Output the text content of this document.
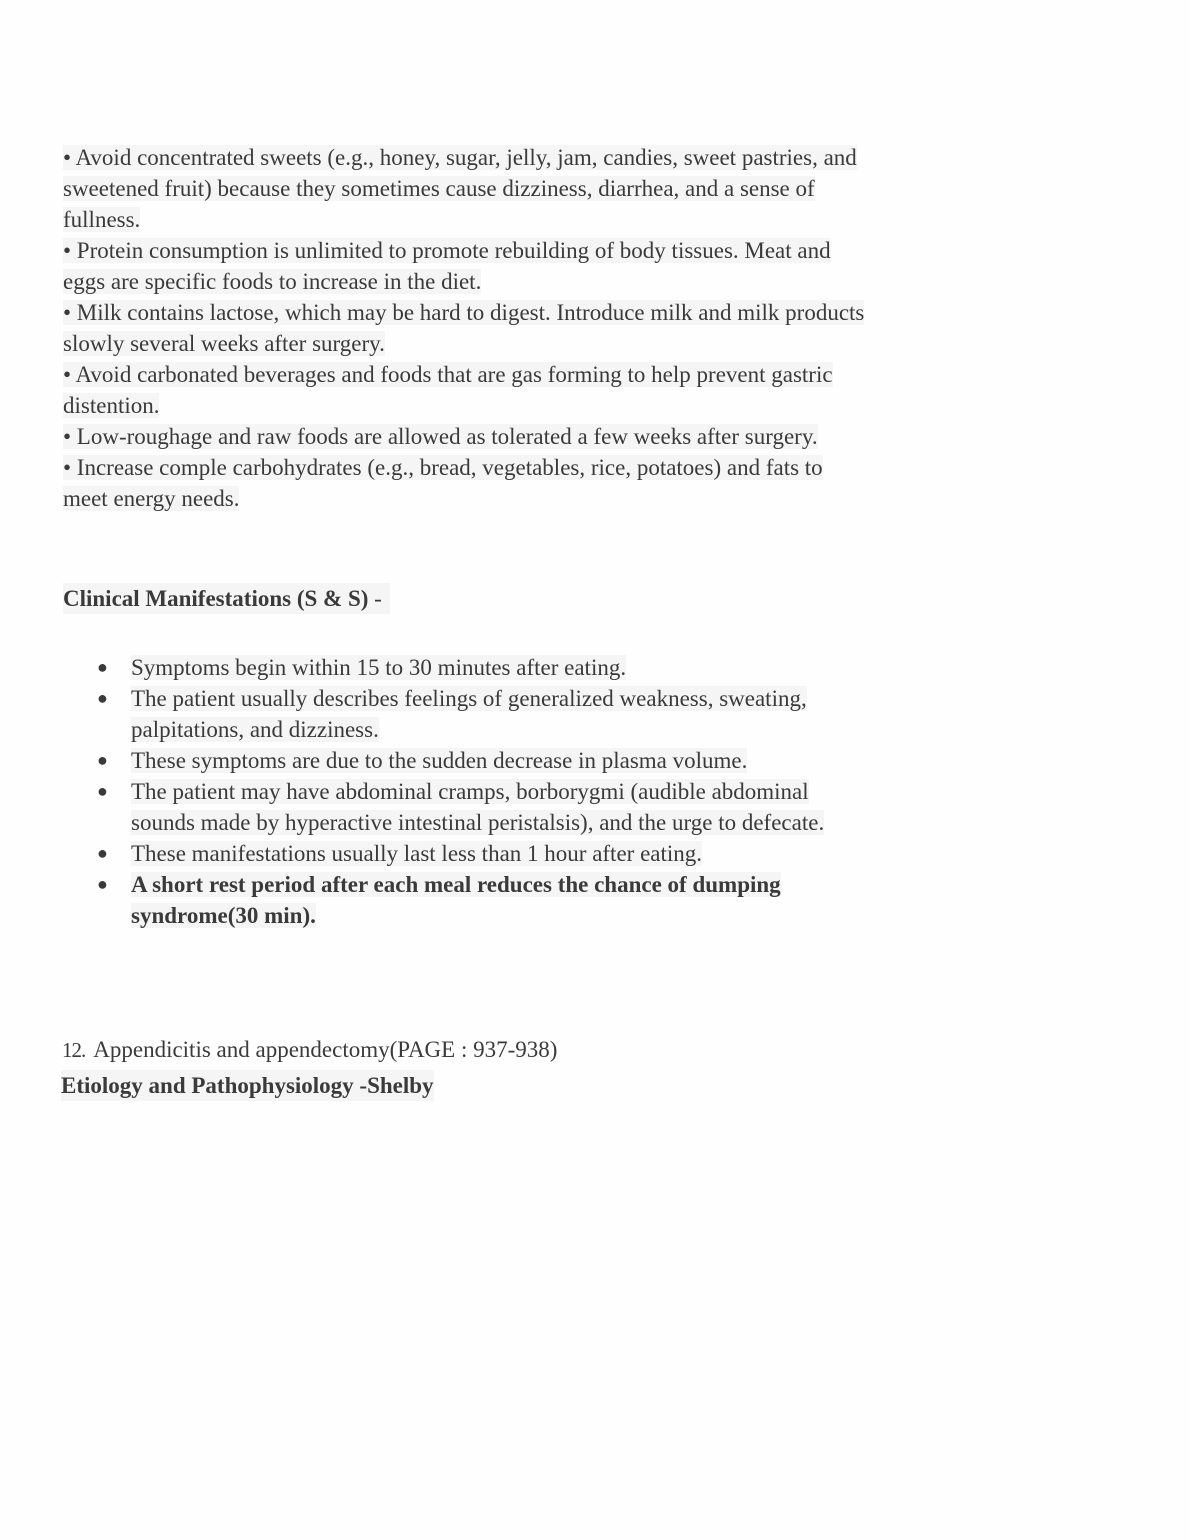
• Avoid concentrated sweets (e.g., honey, sugar, jelly, jam, candies, sweet pastries, and sweetened fruit) because they sometimes cause dizziness, diarrhea, and a sense of fullness.

• Protein consumption is unlimited to promote rebuilding of body tissues. Meat and eggs are specific foods to increase in the diet.

• Milk contains lactose, which may be hard to digest. Introduce milk and milk products slowly several weeks after surgery.

• Avoid carbonated beverages and foods that are gas forming to help prevent gastric distention.

• Low-roughage and raw foods are allowed as tolerated a few weeks after surgery.

• Increase comple carbohydrates (e.g., bread, vegetables, rice, potatoes) and fats to meet energy needs.

Clinical Manifestations (S & S) -
● Symptoms begin within 15 to 30 minutes after eating.
● The patient usually describes feelings of generalized weakness, sweating, palpitations, and dizziness.
● These symptoms are due to the sudden decrease in plasma volume.
● The patient may have abdominal cramps, borborygmi (audible abdominal sounds made by hyperactive intestinal peristalsis), and the urge to defecate.
● These manifestations usually last less than 1 hour after eating.
● A short rest period after each meal reduces the chance of dumping syndrome(30 min).
12. Appendicitis and appendectomy(PAGE : 937-938)
Etiology and Pathophysiology -Shelby
